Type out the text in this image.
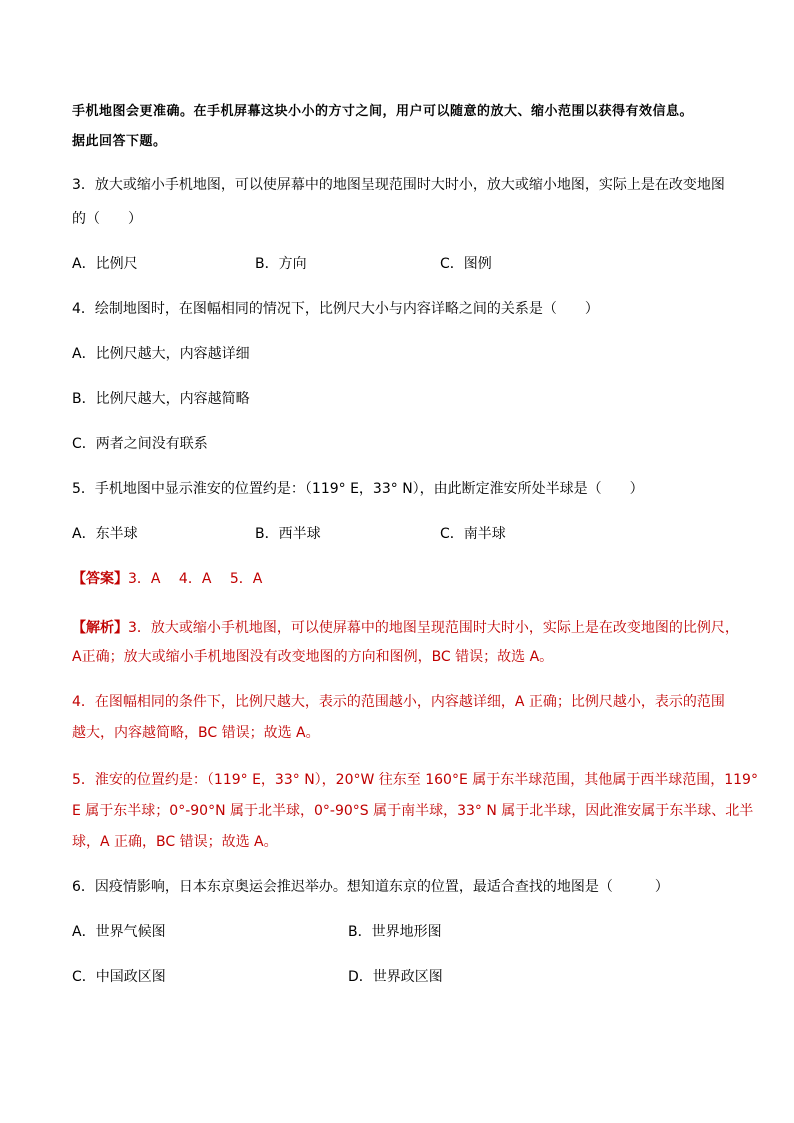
手机地图会更准确。在手机屏幕这块小小的方寸之间，用户可以随意的放大、缩小范围以获得有效信息。

据此回答下题。

3．放大或缩小手机地图，可以使屏幕中的地图呈现范围时大时小，放大或缩小地图，实际上是在改变地图

的（　　）

A．比例尺	B．方向	C．图例

4．绘制地图时，在图幅相同的情况下，比例尺大小与内容详略之间的关系是（　　）

A．比例尺越大，内容越详细

B．比例尺越大，内容越简略

C．两者之间没有联系

5．手机地图中显示淮安的位置约是：（119° E，33° N），由此断定淮安所处半球是（　　）

A．东半球	B．西半球	C．南半球

【答案】3．A　 4．A　 5．A

【解析】3．放大或缩小手机地图，可以使屏幕中的地图呈现范围时大时小，实际上是在改变地图的比例尺，

A正确；放大或缩小手机地图没有改变地图的方向和图例，BC 错误；故选 A。

4．在图幅相同的条件下，比例尺越大，表示的范围越小，内容越详细，A 正确；比例尺越小，表示的范围

越大，内容越简略，BC 错误；故选 A。

5．淮安的位置约是：（119° E，33° N），20°W 往东至 160°E 属于东半球范围，其他属于西半球范围，119°

E 属于东半球；0°-90°N 属于北半球，0°-90°S 属于南半球，33° N 属于北半球，因此淮安属于东半球、北半

球，A 正确，BC 错误；故选 A。

6．因疫情影响，日本东京奥运会推迟举办。想知道东京的位置，最适合查找的地图是（　　　）

A．世界气候图	B．世界地形图
C．中国政区图	D．世界政区图
